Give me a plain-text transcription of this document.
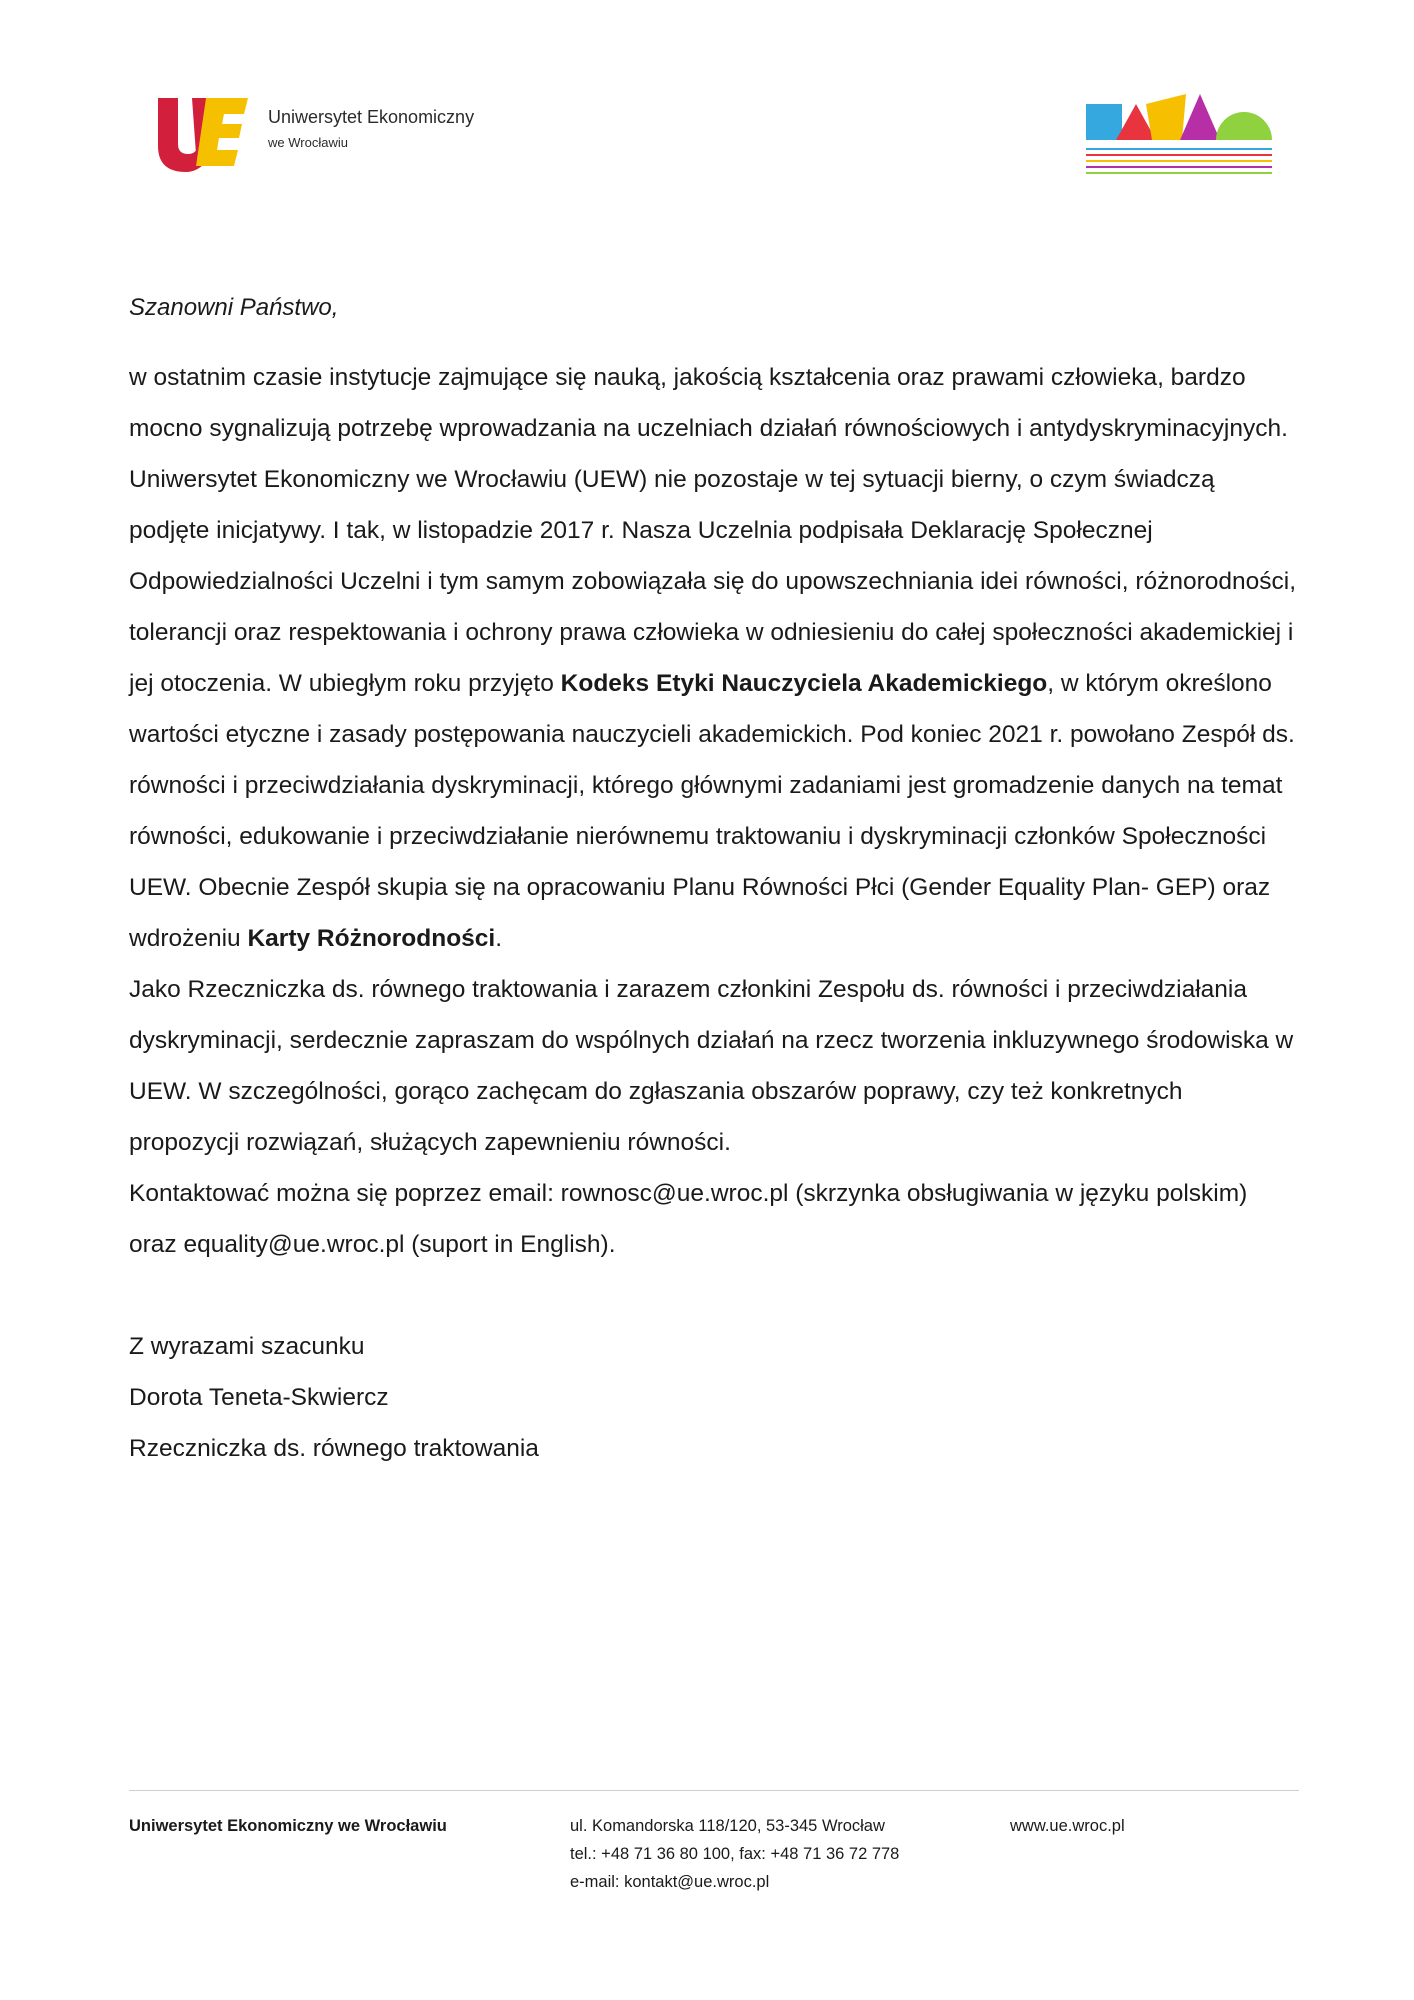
Uniwersytet Ekonomiczny
we Wrocławiu
Szanowni Państwo,

w ostatnim czasie instytucje zajmujące się nauką, jakością kształcenia oraz prawami człowieka, bardzo mocno sygnalizują potrzebę wprowadzania na uczelniach działań równościowych i antydyskryminacyjnych. Uniwersytet Ekonomiczny we Wrocławiu (UEW) nie pozostaje w tej sytuacji bierny, o czym świadczą podjęte inicjatywy. I tak, w listopadzie 2017 r. Nasza Uczelnia podpisała Deklarację Społecznej Odpowiedzialności Uczelni i tym samym zobowiązała się do upowszechniania idei równości, różnorodności, tolerancji oraz respektowania i ochrony prawa człowieka w odniesieniu do całej społeczności akademickiej i jej otoczenia. W ubiegłym roku przyjęto Kodeks Etyki Nauczyciela Akademickiego, w którym określono wartości etyczne i zasady postępowania nauczycieli akademickich. Pod koniec 2021 r. powołano Zespół ds. równości i przeciwdziałania dyskryminacji, którego głównymi zadaniami jest gromadzenie danych na temat równości, edukowanie i przeciwdziałanie nierównemu traktowaniu i dyskryminacji członków Społeczności UEW. Obecnie Zespół skupia się na opracowaniu Planu Równości Płci (Gender Equality Plan- GEP) oraz wdrożeniu Karty Różnorodności.

Jako Rzeczniczka ds. równego traktowania i zarazem członkini Zespołu ds. równości i przeciwdziałania dyskryminacji, serdecznie zapraszam do wspólnych działań na rzecz tworzenia inkluzywnego środowiska w UEW. W szczególności, gorąco zachęcam do zgłaszania obszarów poprawy, czy też konkretnych propozycji rozwiązań, służących zapewnieniu równości.

Kontaktować można się poprzez email: rownosc@ue.wroc.pl (skrzynka obsługiwania w języku polskim) oraz equality@ue.wroc.pl (suport in English).

Z wyrazami szacunku
Dorota Teneta-Skwiercz
Rzeczniczka ds. równego traktowania
Uniwersytet Ekonomiczny we Wrocławiu	ul. Komandorska 118/120, 53-345 Wrocław
tel.: +48 71 36 80 100, fax: +48 71 36 72 778
e-mail: kontakt@ue.wroc.pl
www.ue.wroc.pl
